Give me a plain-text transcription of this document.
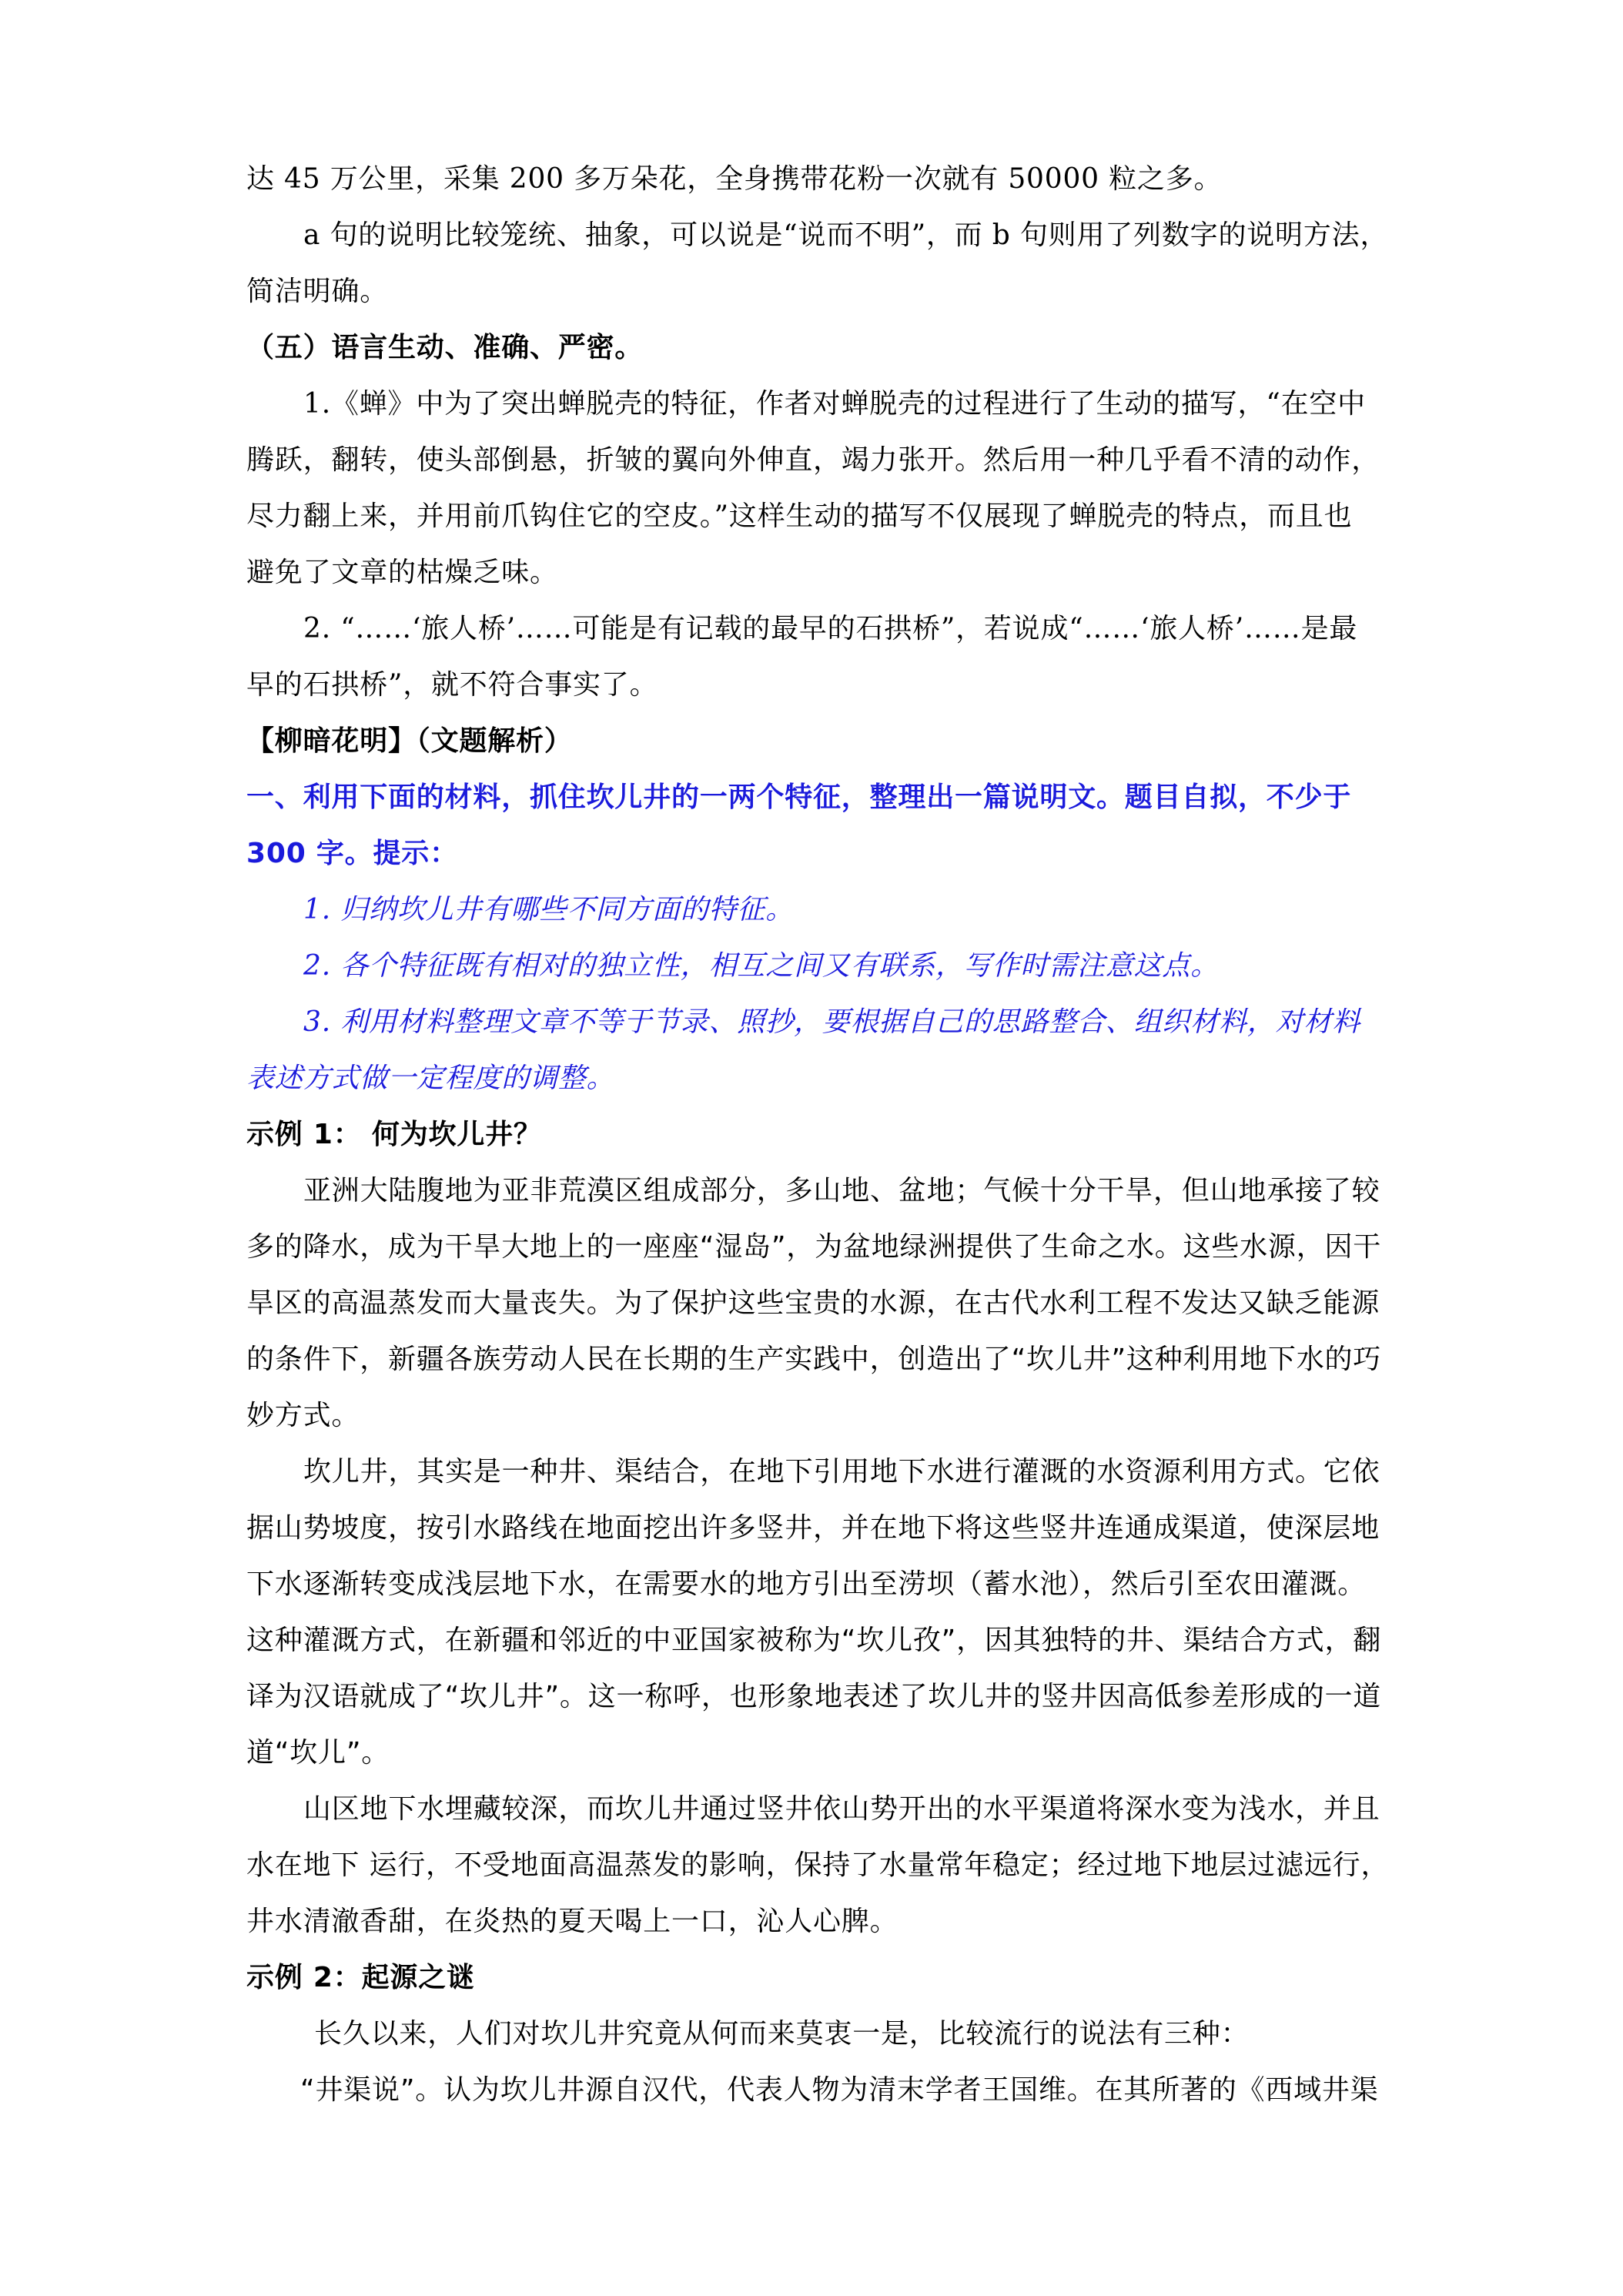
达 45 万公里，采集 200 多万朵花，全身携带花粉一次就有 50000 粒之多。
a 句的说明比较笼统、抽象，可以说是“说而不明”，而 b 句则用了列数字的说明方法，
简洁明确。
（五）语言生动、准确、严密。
1.《蝉》中为了突出蝉脱壳的特征，作者对蝉脱壳的过程进行了生动的描写，“在空中
腾跃，翻转，使头部倒悬，折皱的翼向外伸直，竭力张开。然后用一种几乎看不清的动作，
尽力翻上来，并用前爪钩住它的空皮。”这样生动的描写不仅展现了蝉脱壳的特点，而且也
避免了文章的枯燥乏味。
2. “……‘旅人桥’……可能是有记载的最早的石拱桥”，若说成“……‘旅人桥’……是最
早的石拱桥”，就不符合事实了。
【柳暗花明】（文题解析）
一、利用下面的材料，抓住坎儿井的一两个特征，整理出一篇说明文。题目自拟，不少于
300 字。提示：
1. 归纳坎儿井有哪些不同方面的特征。
2. 各个特征既有相对的独立性，相互之间又有联系，写作时需注意这点。
3. 利用材料整理文章不等于节录、照抄，要根据自己的思路整合、组织材料，对材料
表述方式做一定程度的调整。
示例 1： 何为坎儿井？
亚洲大陆腹地为亚非荒漠区组成部分，多山地、盆地；气候十分干旱，但山地承接了较
多的降水，成为干旱大地上的一座座“湿岛”，为盆地绿洲提供了生命之水。这些水源，因干
旱区的高温蒸发而大量丧失。为了保护这些宝贵的水源，在古代水利工程不发达又缺乏能源
的条件下，新疆各族劳动人民在长期的生产实践中，创造出了“坎儿井”这种利用地下水的巧
妙方式。
坎儿井，其实是一种井、渠结合，在地下引用地下水进行灌溉的水资源利用方式。它依
据山势坡度，按引水路线在地面挖出许多竖井，并在地下将这些竖井连通成渠道，使深层地
下水逐渐转变成浅层地下水，在需要水的地方引出至涝坝（蓄水池），然后引至农田灌溉。
这种灌溉方式，在新疆和邻近的中亚国家被称为“坎儿孜”，因其独特的井、渠结合方式，翻
译为汉语就成了“坎儿井”。这一称呼，也形象地表述了坎儿井的竖井因高低参差形成的一道
道“坎儿”。
山区地下水埋藏较深，而坎儿井通过竖井依山势开出的水平渠道将深水变为浅水，并且
水在地下 运行，不受地面高温蒸发的影响，保持了水量常年稳定；经过地下地层过滤远行，
井水清澈香甜，在炎热的夏天喝上一口，沁人心脾。
示例 2：起源之谜
长久以来，人们对坎儿井究竟从何而来莫衷一是，比较流行的说法有三种：
“井渠说”。认为坎儿井源自汉代，代表人物为清末学者王国维。在其所著的《西域井渠
